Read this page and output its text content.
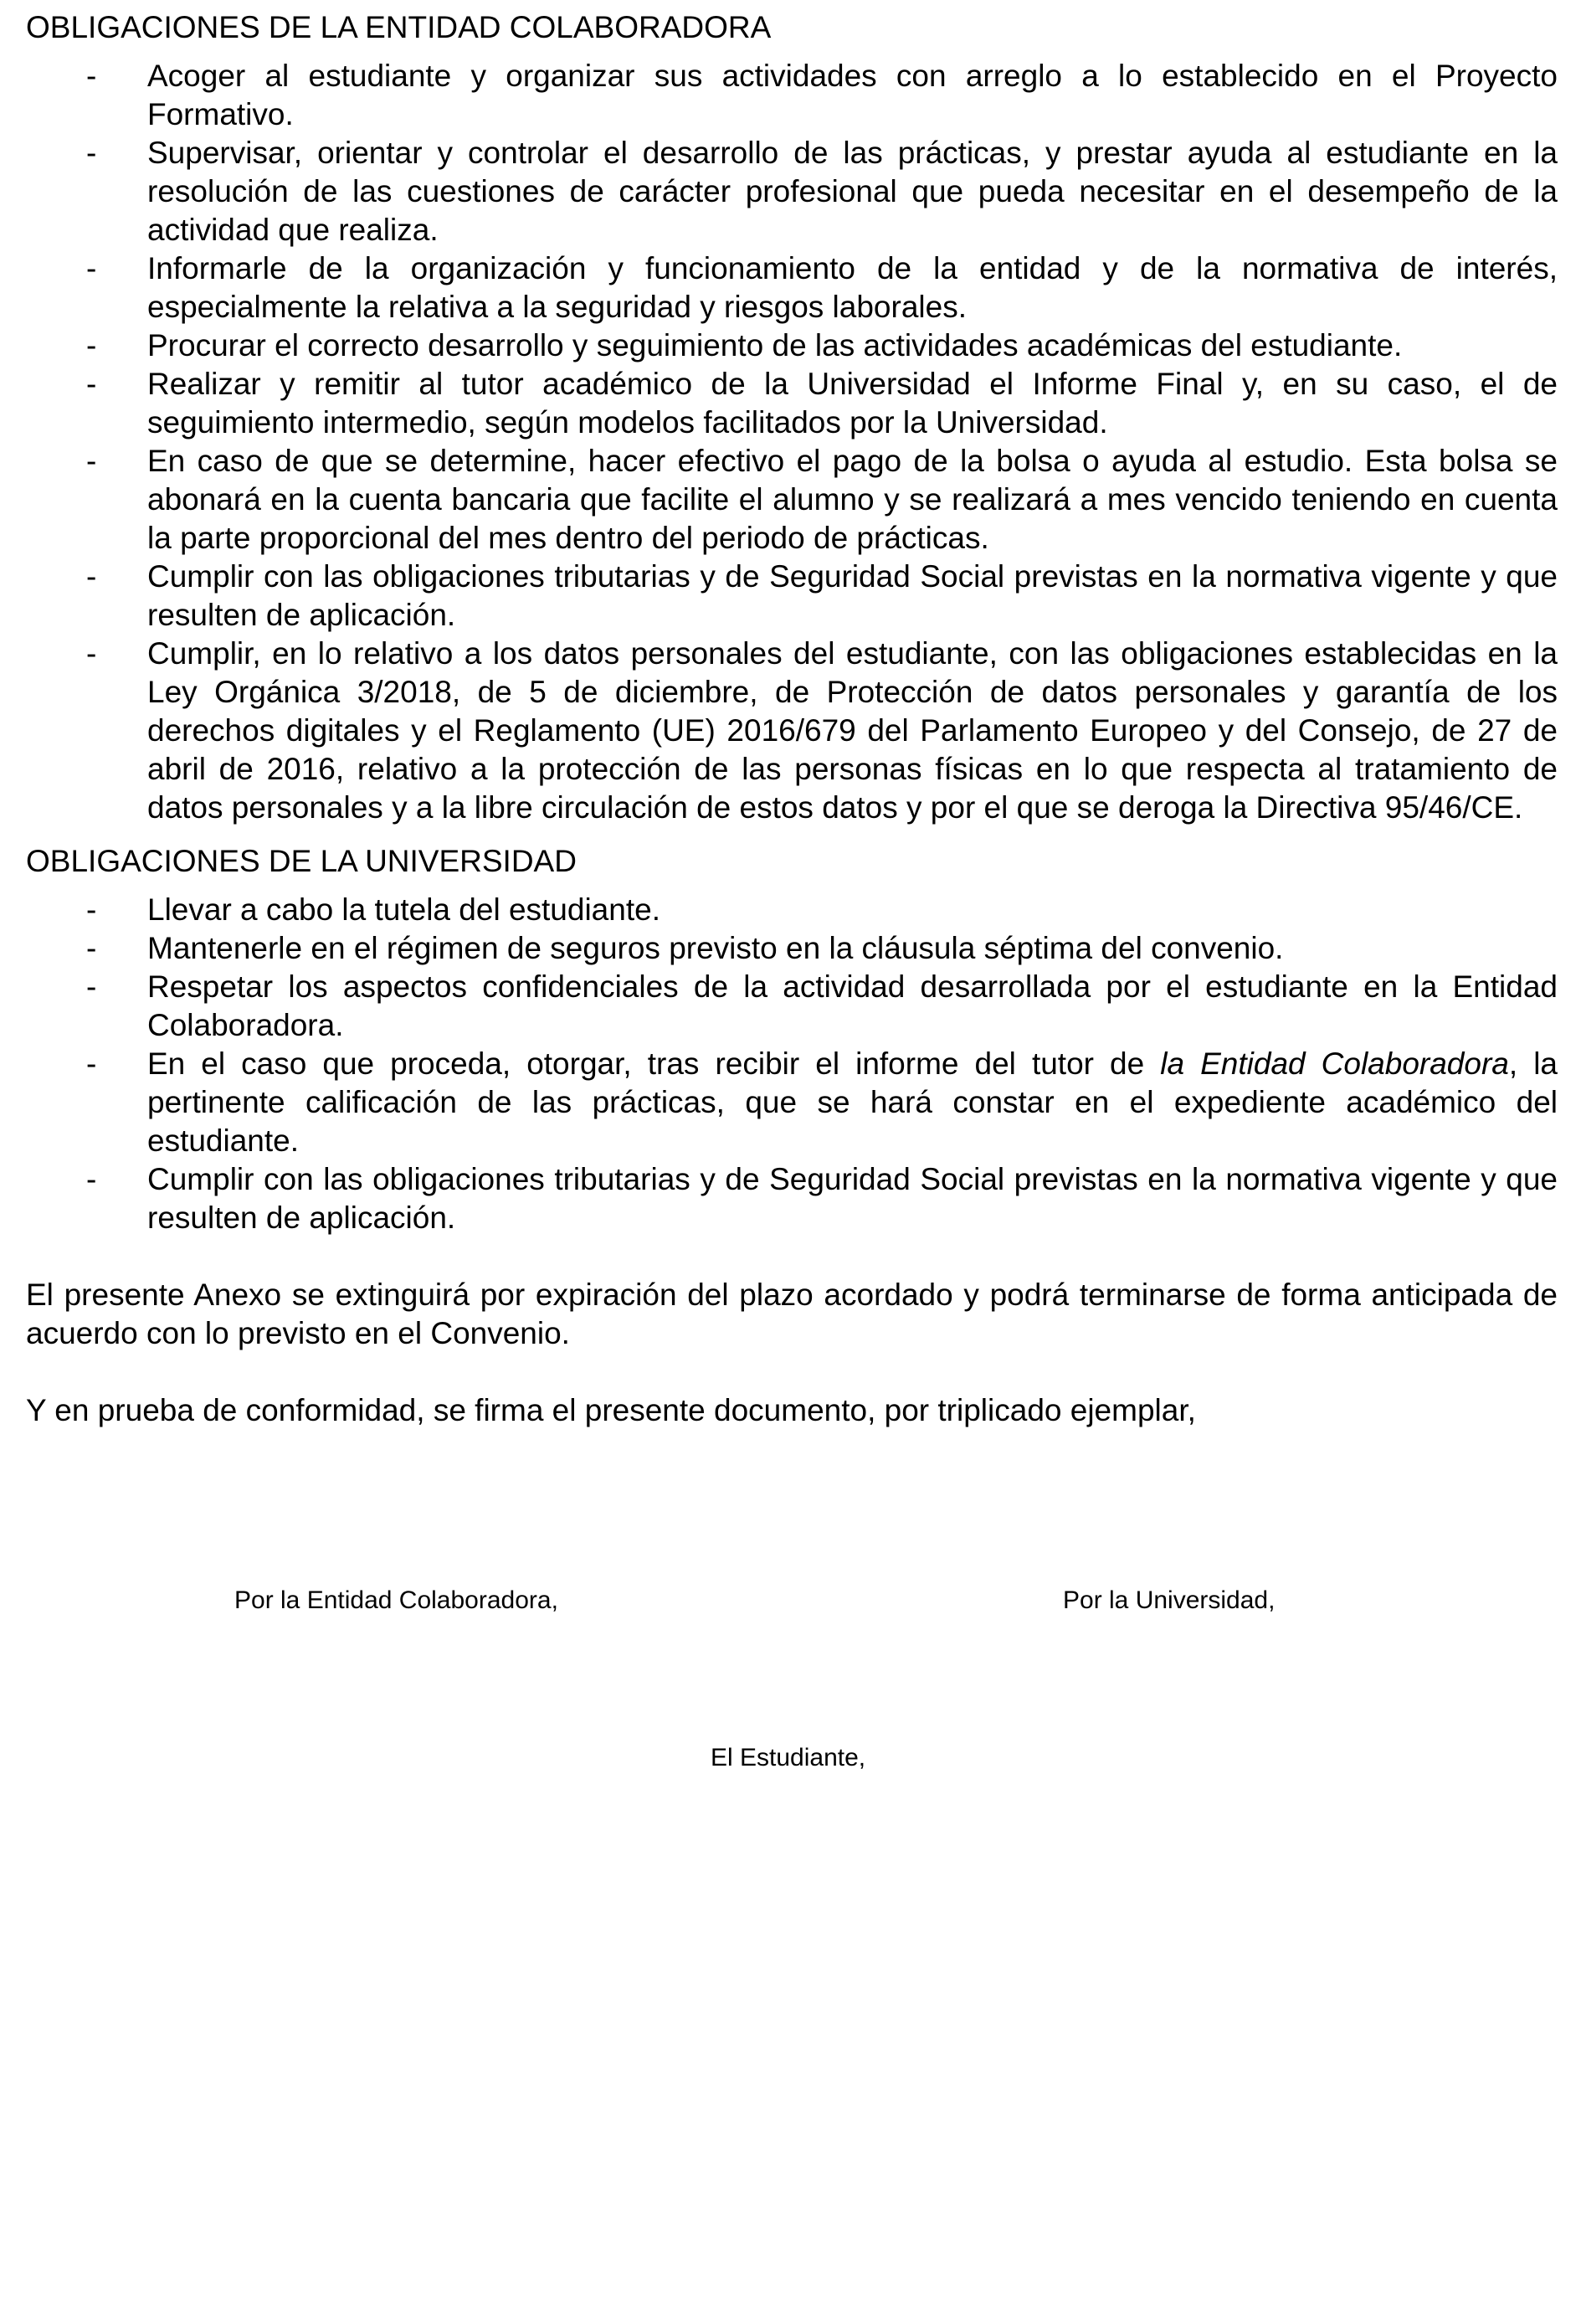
OBLIGACIONES DE LA ENTIDAD COLABORADORA
- Acoger al estudiante y organizar sus actividades con arreglo a lo establecido en el Proyecto Formativo.
- Supervisar, orientar y controlar el desarrollo de las prácticas, y prestar ayuda al estudiante en la resolución de las cuestiones de carácter profesional que pueda necesitar en el desempeño de la actividad que realiza.
- Informarle de la organización y funcionamiento de la entidad y de la normativa de interés, especialmente la relativa a la seguridad y riesgos laborales.
- Procurar el correcto desarrollo y seguimiento de las actividades académicas del estudiante.
- Realizar y remitir al tutor académico de la Universidad el Informe Final y, en su caso, el de seguimiento intermedio, según modelos facilitados por la Universidad.
- En caso de que se determine, hacer efectivo el pago de la bolsa o ayuda al estudio. Esta bolsa se abonará en la cuenta bancaria que facilite el alumno y se realizará a mes vencido teniendo en cuenta la parte proporcional del mes dentro del periodo de prácticas.
- Cumplir con las obligaciones tributarias y de Seguridad Social previstas en la normativa vigente y que resulten de aplicación.
- Cumplir, en lo relativo a los datos personales del estudiante, con las obligaciones establecidas en la Ley Orgánica 3/2018, de 5 de diciembre, de Protección de datos personales y garantía de los derechos digitales y el Reglamento (UE) 2016/679 del Parlamento Europeo y del Consejo, de 27 de abril de 2016, relativo a la protección de las personas físicas en lo que respecta al tratamiento de datos personales y a la libre circulación de estos datos y por el que se deroga la Directiva 95/46/CE.
OBLIGACIONES DE LA UNIVERSIDAD
- Llevar a cabo la tutela del estudiante.
- Mantenerle en el régimen de seguros previsto en la cláusula séptima del convenio.
- Respetar los aspectos confidenciales de la actividad desarrollada por el estudiante en la Entidad Colaboradora.
- En el caso que proceda, otorgar, tras recibir el informe del tutor de la Entidad Colaboradora, la pertinente calificación de las prácticas, que se hará constar en el expediente académico del estudiante.
- Cumplir con las obligaciones tributarias y de Seguridad Social previstas en la normativa vigente y que resulten de aplicación.

El presente Anexo se extinguirá por expiración del plazo acordado y podrá terminarse de forma anticipada de acuerdo con lo previsto en el Convenio.

Y en prueba de conformidad, se firma el presente documento, por triplicado ejemplar,

Por la Entidad Colaboradora,	Por la Universidad,
El Estudiante,
